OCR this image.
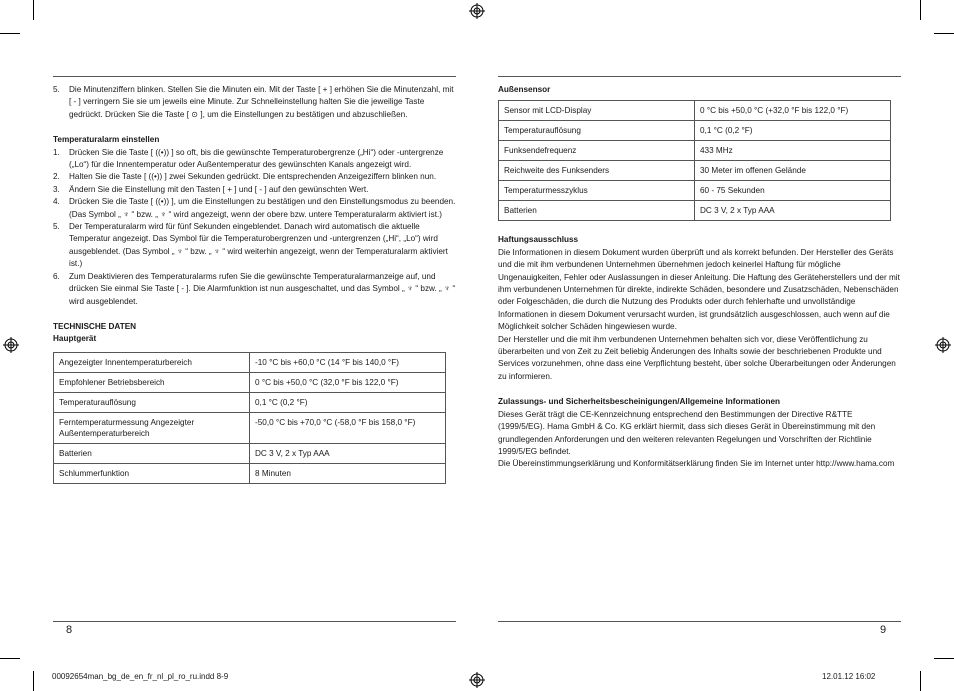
5.	Die Minutenziffern blinken. Stellen Sie die Minuten ein. Mit der Taste [ + ] erhöhen Sie die Minutenzahl, mit [ - ] verringern Sie sie um jeweils eine Minute. Zur Schnelleinstellung halten Sie die jeweilige Taste gedrückt. Drücken Sie die Taste [ ⊙ ], um die Einstellungen zu bestätigen und abzuschließen.

Temperaturalarm einstellen

1.	Drücken Sie die Taste [ ((•)) ] so oft, bis die gewünschte Temperaturobergrenze („Hi“) oder -untergrenze („Lo“) für die Innentemperatur oder Außentemperatur des gewünschten Kanals angezeigt wird.
2.	Halten Sie die Taste [ ((•)) ] zwei Sekunden gedrückt. Die entsprechenden Anzeigeziffern blinken nun.
3.	Ändern Sie die Einstellung mit den Tasten [ + ] und [ - ] auf den gewünschten Wert.
4.	Drücken Sie die Taste [ ((•)) ], um die Einstellungen zu bestätigen und den Einstellungsmodus zu beenden. (Das Symbol „ ♆ “ bzw. „ ♆ “ wird angezeigt, wenn der obere bzw. untere Temperaturalarm aktiviert ist.)
5.	Der Temperaturalarm wird für fünf Sekunden eingeblendet. Danach wird automatisch die aktuelle Temperatur angezeigt. Das Symbol für die Temperaturobergrenzen und -untergrenzen („Hi“, „Lo“) wird ausgeblendet. (Das Symbol „ ♆ “ bzw. „ ♆ “ wird weiterhin angezeigt, wenn der Temperaturalarm aktiviert ist.)
6.	Zum Deaktivieren des Temperaturalarms rufen Sie die gewünschte Temperaturalarmanzeige auf, und drücken Sie einmal Sie Taste [ - ]. Die Alarmfunktion ist nun ausgeschaltet, und das Symbol „ ♆ “ bzw. „ ♆ “ wird ausgeblendet.

TECHNISCHE DATEN

Hauptgerät

Angezeigter Innentemperaturbereich	-10 °C bis +60,0 °C (14 °F bis 140,0 °F)
Empfohlener Betriebsbereich	0 °C bis +50,0 °C (32,0 °F bis 122,0 °F)
Temperaturauflösung	0,1 °C (0,2 °F)
Ferntemperaturmessung Angezeigter Außentemperaturbereich	-50,0 °C bis +70,0 °C (-58,0 °F bis 158,0 °F)
Batterien	DC 3 V, 2 x Typ AAA
Schlummerfunktion	8 Minuten
8

Außensensor

Sensor mit LCD-Display	0 °C bis +50,0 °C (+32,0 °F bis 122,0 °F)
Temperaturauflösung	0,1 °C (0,2 °F)
Funksendefrequenz	433 MHz
Reichweite des Funksenders	30 Meter im offenen Gelände
Temperaturmesszyklus	60 - 75 Sekunden
Batterien	DC 3 V, 2 x Typ AAA

Haftungsausschluss

Die Informationen in diesem Dokument wurden überprüft und als korrekt befunden. Der Hersteller des Geräts und die mit ihm verbundenen Unternehmen übernehmen jedoch keinerlei Haftung für mögliche Ungenauigkeiten, Fehler oder Auslassungen in dieser Anleitung. Die Haftung des Geräteherstellers und der mit ihm verbundenen Unternehmen für direkte, indirekte Schäden, besondere und Zusatzschäden, Nebenschäden oder Folgeschäden, die durch die Nutzung des Produkts oder durch fehlerhafte und unvollständige Informationen in diesem Dokument verursacht wurden, ist grundsätzlich ausgeschlossen, auch wenn auf die Möglichkeit solcher Schäden hingewiesen wurde.

Der Hersteller und die mit ihm verbundenen Unternehmen behalten sich vor, diese Veröffentlichung zu überarbeiten und von Zeit zu Zeit beliebig Änderungen des Inhalts sowie der beschriebenen Produkte und Services vorzunehmen, ohne dass eine Verpflichtung besteht, über solche Überarbeitungen oder Änderungen zu informieren.

Zulassungs- und Sicherheitsbescheinigungen/Allgemeine Informationen

Dieses Gerät trägt die CE-Kennzeichnung entsprechend den Bestimmungen der Directive R&TTE (1999/5/EG). Hama GmbH & Co. KG erklärt hiermit, dass sich dieses Gerät in Übereinstimmung mit den grundlegenden Anforderungen und den weiteren relevanten Regelungen und Vorschriften der Richtlinie 1999/5/EG befindet.

Die Übereinstimmungserklärung und Konformitätserklärung finden Sie im Internet unter http://www.hama.com

9
00092654man_bg_de_en_fr_nl_pl_ro_ru.indd 8-9	12.01.12 16:02
